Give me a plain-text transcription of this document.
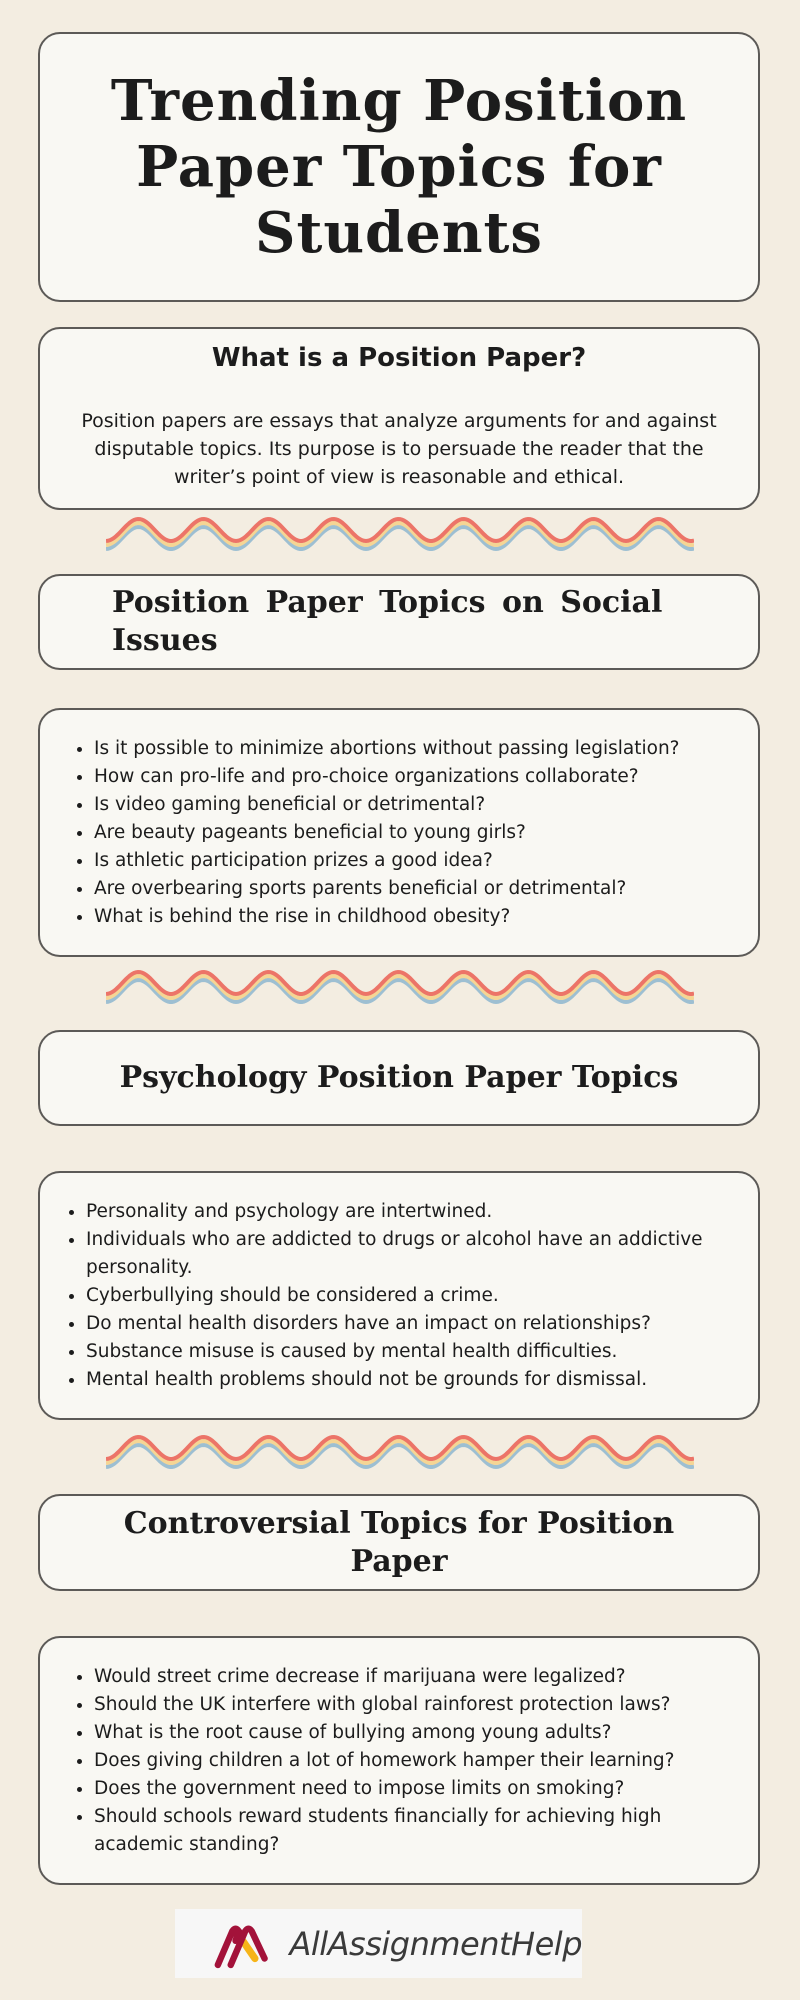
Trending Position Paper Topics for Students
What is a Position Paper?

Position papers are essays that analyze arguments for and against disputable topics. Its purpose is to persuade the reader that the writer’s point of view is reasonable and ethical.

Position Paper Topics on Social Issues
• Is it possible to minimize abortions without passing legislation?
• How can pro-life and pro-choice organizations collaborate?
• Is video gaming beneficial or detrimental?
• Are beauty pageants beneficial to young girls?
• Is athletic participation prizes a good idea?
• Are overbearing sports parents beneficial or detrimental?
• What is behind the rise in childhood obesity?
Psychology Position Paper Topics
• Personality and psychology are intertwined.
• Individuals who are addicted to drugs or alcohol have an addictive personality.
• Cyberbullying should be considered a crime.
• Do mental health disorders have an impact on relationships?
• Substance misuse is caused by mental health difficulties.
• Mental health problems should not be grounds for dismissal.
Controversial Topics for Position Paper
• Would street crime decrease if marijuana were legalized?
• Should the UK interfere with global rainforest protection laws?
• What is the root cause of bullying among young adults?
• Does giving children a lot of homework hamper their learning?
• Does the government need to impose limits on smoking?
• Should schools reward students financially for achieving high academic standing?
AllAssignmentHelp
